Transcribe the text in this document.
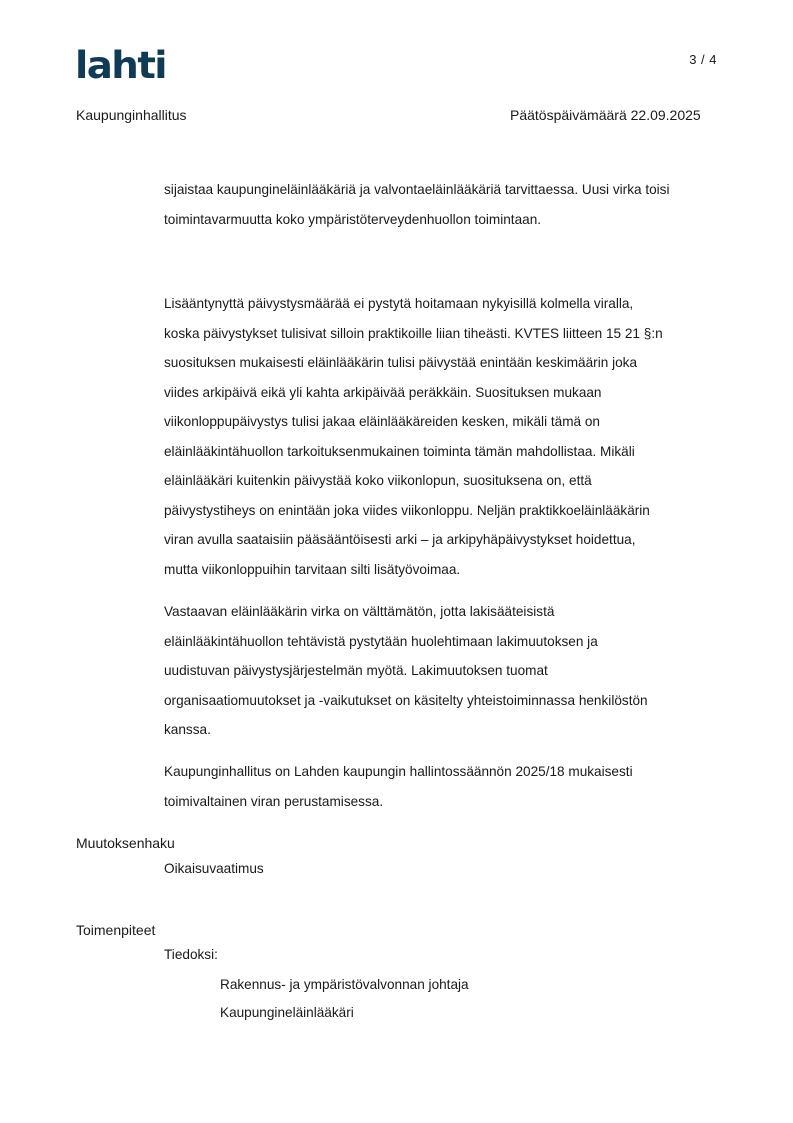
lahti	3 / 4
Kaupunginhallitus	Päätöspäivämäärä 22.09.2025

sijaistaa kaupungineläinlääkäriä ja valvontaeläinlääkäriä tarvittaessa. Uusi virka toisi

toimintavarmuutta koko ympäristöterveydenhuollon toimintaan.

Lisääntynyttä päivystysmäärää ei pystytä hoitamaan nykyisillä kolmella viralla,

koska päivystykset tulisivat silloin praktikoille liian tiheästi. KVTES liitteen 15 21 §:n

suosituksen mukaisesti eläinlääkärin tulisi päivystää enintään keskimäärin joka

viides arkipäivä eikä yli kahta arkipäivää peräkkäin. Suosituksen mukaan

viikonloppupäivystys tulisi jakaa eläinlääkäreiden kesken, mikäli tämä on

eläinlääkintähuollon tarkoituksenmukainen toiminta tämän mahdollistaa. Mikäli

eläinlääkäri kuitenkin päivystää koko viikonlopun, suosituksena on, että

päivystystiheys on enintään joka viides viikonloppu. Neljän praktikkoeläinlääkärin

viran avulla saataisiin pääsääntöisesti arki – ja arkipyhäpäivystykset hoidettua,

mutta viikonloppuihin tarvitaan silti lisätyövoimaa.

Vastaavan eläinlääkärin virka on välttämätön, jotta lakisääteisistä

eläinlääkintähuollon tehtävistä pystytään huolehtimaan lakimuutoksen ja

uudistuvan päivystysjärjestelmän myötä. Lakimuutoksen tuomat

organisaatiomuutokset ja -vaikutukset on käsitelty yhteistoiminnassa henkilöstön

kanssa.

Kaupunginhallitus on Lahden kaupungin hallintossäännön 2025/18 mukaisesti

toimivaltainen viran perustamisessa.

Muutoksenhaku
Oikaisuvaatimus
Toimenpiteet
Tiedoksi:
Rakennus- ja ympäristövalvonnan johtaja
Kaupungineläinlääkäri
